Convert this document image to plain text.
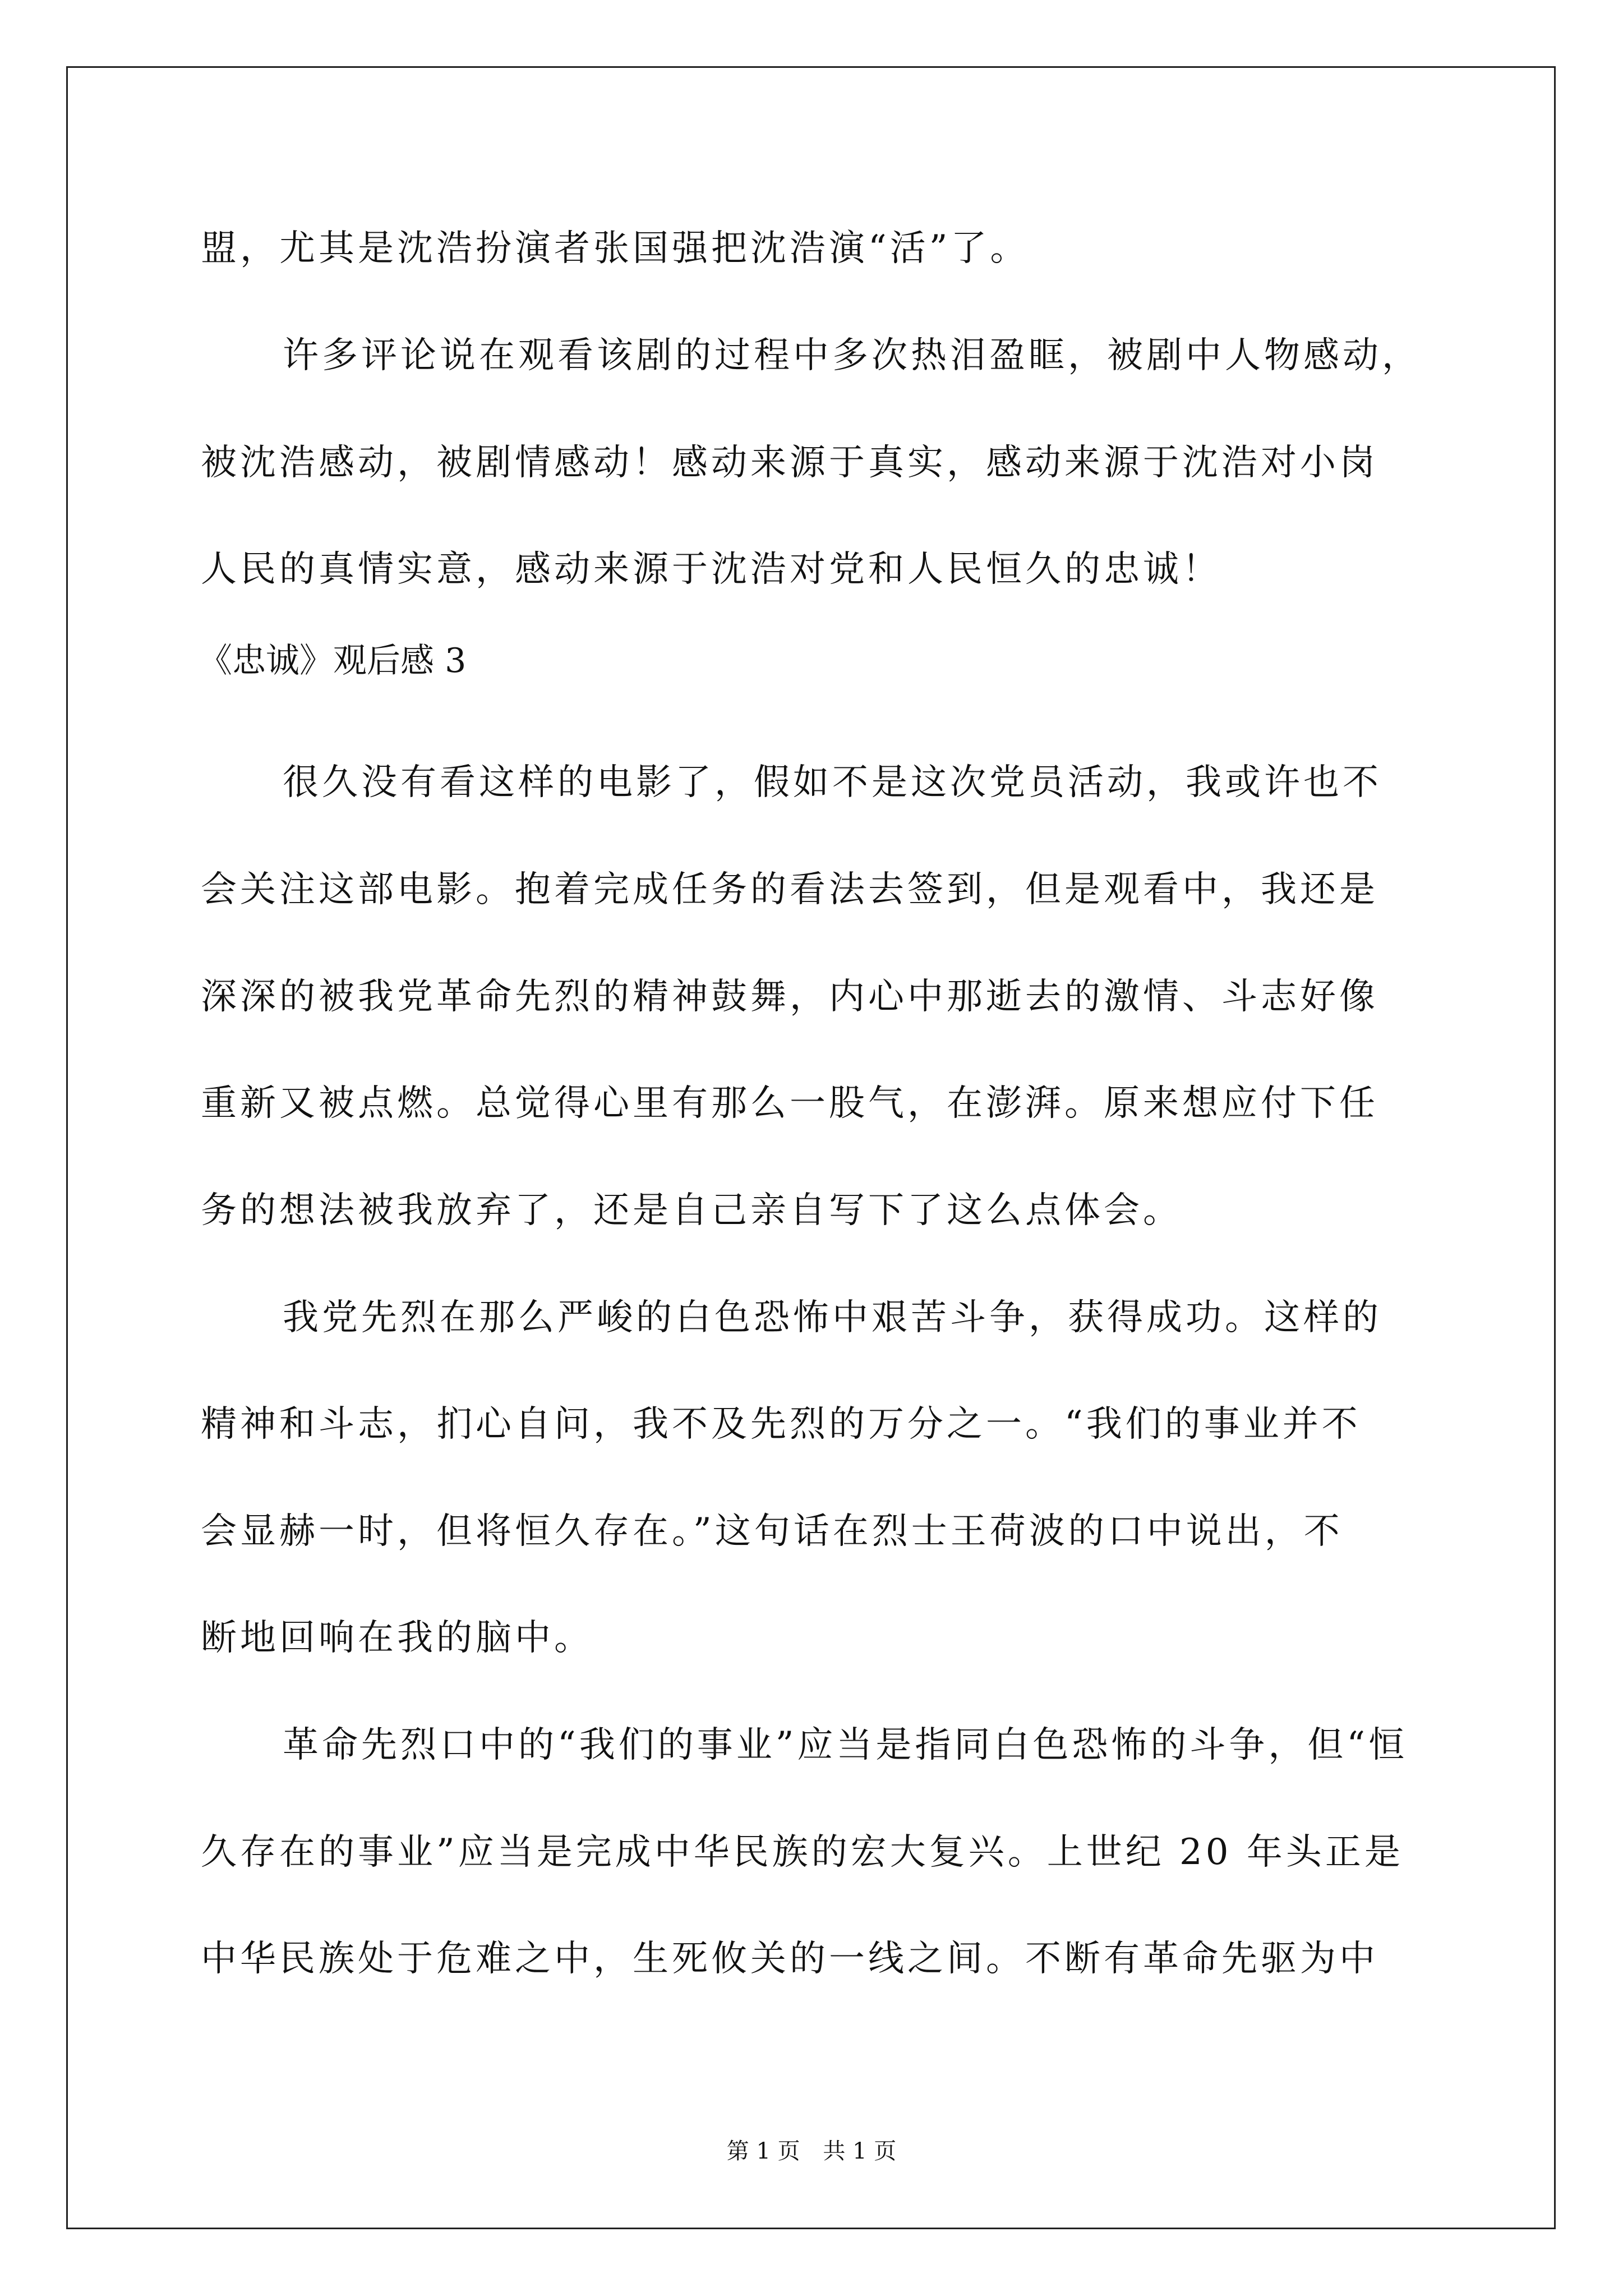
盟，尤其是沈浩扮演者张国强把沈浩演“活”了。
许多评论说在观看该剧的过程中多次热泪盈眶，被剧中人物感动，
被沈浩感动，被剧情感动！感动来源于真实，感动来源于沈浩对小岗
人民的真情实意，感动来源于沈浩对党和人民恒久的忠诚！
《忠诚》观后感 3
很久没有看这样的电影了，假如不是这次党员活动，我或许也不
会关注这部电影。抱着完成任务的看法去签到，但是观看中，我还是
深深的被我党革命先烈的精神鼓舞，内心中那逝去的激情、斗志好像
重新又被点燃。总觉得心里有那么一股气，在澎湃。原来想应付下任
务的想法被我放弃了，还是自己亲自写下了这么点体会。
我党先烈在那么严峻的白色恐怖中艰苦斗争，获得成功。这样的
精神和斗志，扪心自问，我不及先烈的万分之一。“我们的事业并不
会显赫一时，但将恒久存在。”这句话在烈士王荷波的口中说出，不
断地回响在我的脑中。
革命先烈口中的“我们的事业”应当是指同白色恐怖的斗争，但“恒
久存在的事业”应当是完成中华民族的宏大复兴。上世纪 20 年头正是
中华民族处于危难之中，生死攸关的一线之间。不断有革命先驱为中
第 1 页 共 1 页
